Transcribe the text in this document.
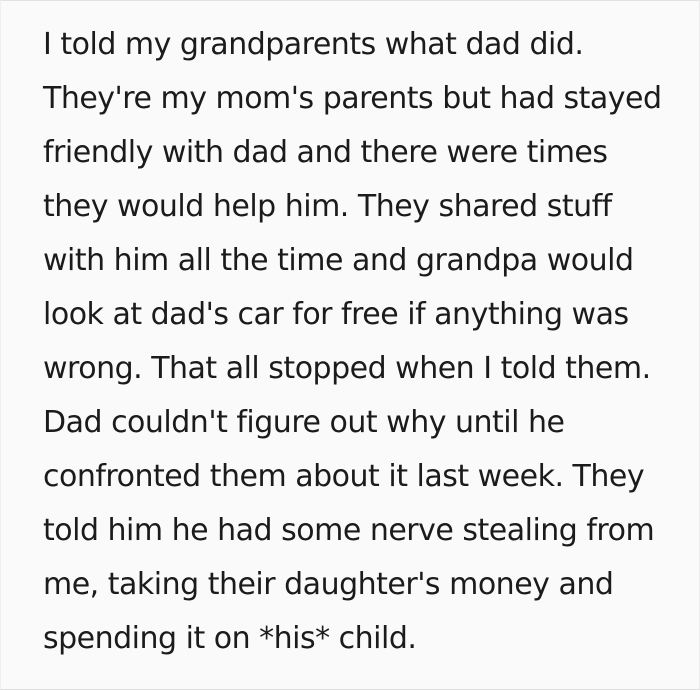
I told my grandparents what dad did.
They're my mom's parents but had stayed
friendly with dad and there were times
they would help him. They shared stuff
with him all the time and grandpa would
look at dad's car for free if anything was
wrong. That all stopped when I told them.
Dad couldn't figure out why until he
confronted them about it last week. They
told him he had some nerve stealing from
me, taking their daughter's money and
spending it on *his* child.
